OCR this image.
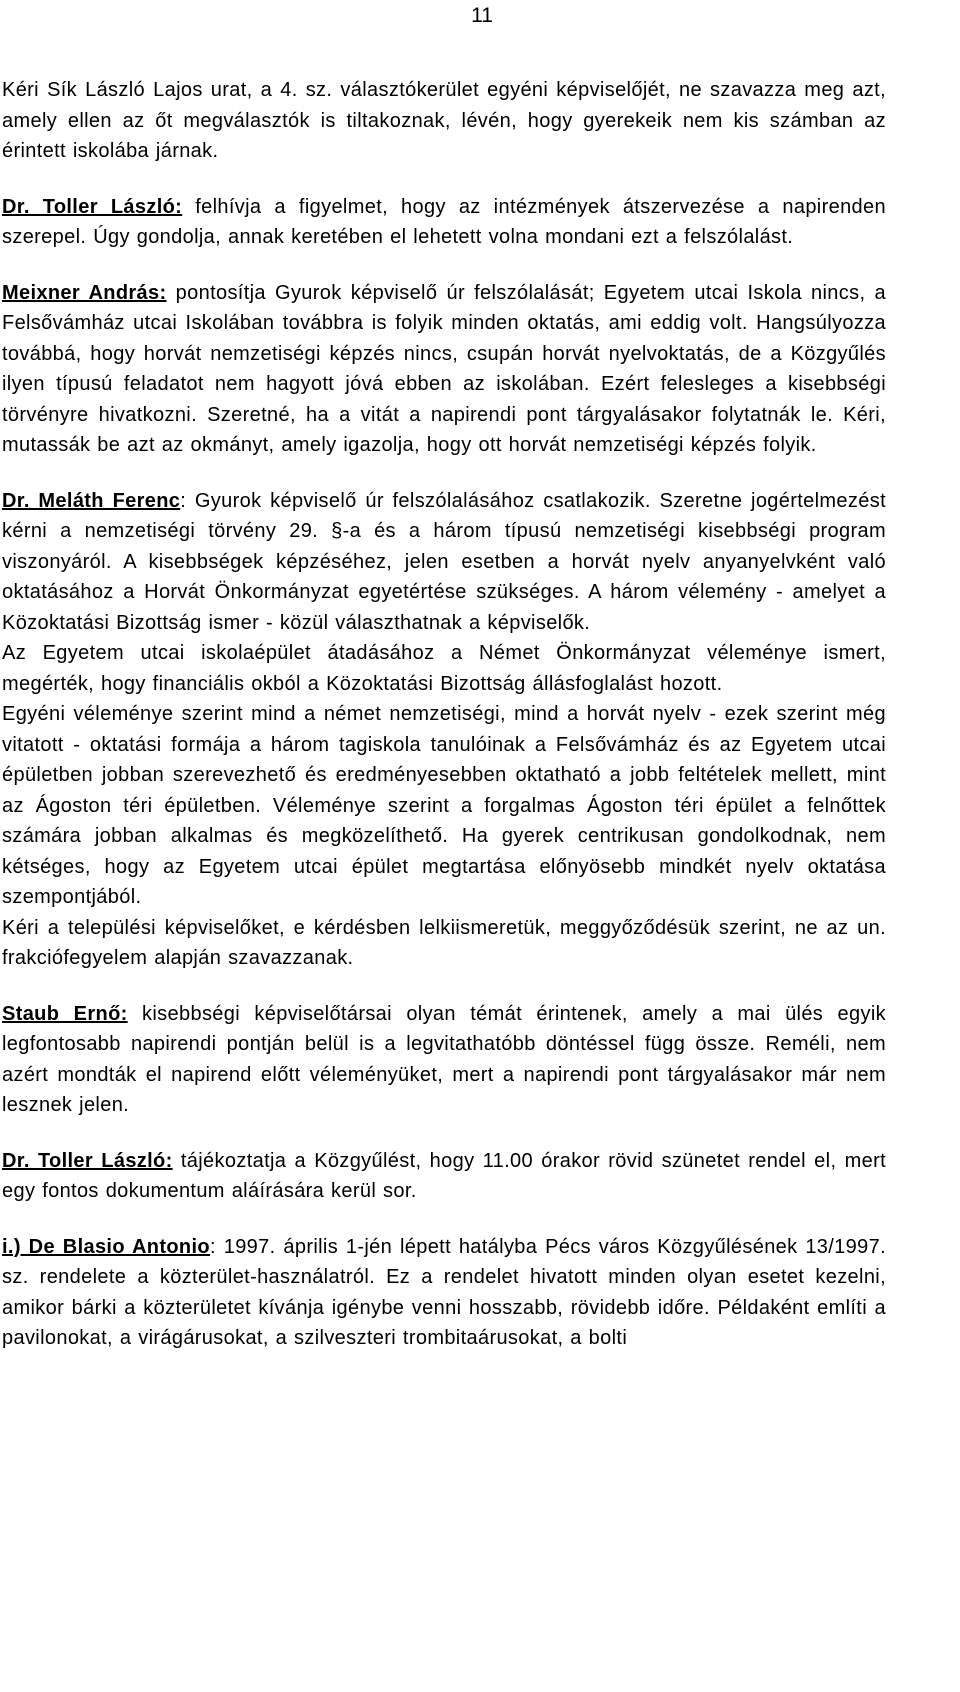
11

Kéri Sík László Lajos urat, a 4. sz. választókerület egyéni képviselőjét, ne szavazza meg azt, amely ellen az őt megválasztók is tiltakoznak, lévén, hogy gyerekeik nem kis számban az érintett iskolába járnak.

Dr. Toller László: felhívja a figyelmet, hogy az intézmények átszervezése a napirenden szerepel. Úgy gondolja, annak keretében el lehetett volna mondani ezt a felszólalást.

Meixner András: pontosítja Gyurok képviselő úr felszólalását; Egyetem utcai Iskola nincs, a Felsővámház utcai Iskolában továbbra is folyik minden oktatás, ami eddig volt. Hangsúlyozza továbbá, hogy horvát nemzetiségi képzés nincs, csupán horvát nyelvoktatás, de a Közgyűlés ilyen típusú feladatot nem hagyott jóvá ebben az iskolában. Ezért felesleges a kisebbségi törvényre hivatkozni. Szeretné, ha a vitát a napirendi pont tárgyalásakor folytatnák le. Kéri, mutassák be azt az okmányt, amely igazolja, hogy ott horvát nemzetiségi képzés folyik.

Dr. Meláth Ferenc: Gyurok képviselő úr felszólalásához csatlakozik. Szeretne jogértelmezést kérni a nemzetiségi törvény 29. §-a és a három típusú nemzetiségi kisebbségi program viszonyáról. A kisebbségek képzéséhez, jelen esetben a horvát nyelv anyanyelvként való oktatásához a Horvát Önkormányzat egyetértése szükséges. A három vélemény - amelyet a Közoktatási Bizottság ismer - közül választhatnak a képviselők.

Az Egyetem utcai iskolaépület átadásához a Német Önkormányzat véleménye ismert, megérték, hogy financiális okból a Közoktatási Bizottság állásfoglalást hozott.

Egyéni véleménye szerint mind a német nemzetiségi, mind a horvát nyelv - ezek szerint még vitatott - oktatási formája a három tagiskola tanulóinak a Felsővámház és az Egyetem utcai épületben jobban szerevezhető és eredményesebben oktatható a jobb feltételek mellett, mint az Ágoston téri épületben. Véleménye szerint a forgalmas Ágoston téri épület a felnőttek számára jobban alkalmas és megközelíthető. Ha gyerek centrikusan gondolkodnak, nem kétséges, hogy az Egyetem utcai épület megtartása előnyösebb mindkét nyelv oktatása szempontjából.

Kéri a települési képviselőket, e kérdésben lelkiismeretük, meggyőződésük szerint, ne az un. frakciófegyelem alapján szavazzanak.

Staub Ernő: kisebbségi képviselőtársai olyan témát érintenek, amely a mai ülés egyik legfontosabb napirendi pontján belül is a legvitathatóbb döntéssel függ össze. Reméli, nem azért mondták el napirend előtt véleményüket, mert a napirendi pont tárgyalásakor már nem lesznek jelen.

Dr. Toller László: tájékoztatja a Közgyűlést, hogy 11.00 órakor rövid szünetet rendel el, mert egy fontos dokumentum aláírására kerül sor.

i.) De Blasio Antonio: 1997. április 1-jén lépett hatályba Pécs város Közgyűlésének 13/1997. sz. rendelete a közterület-használatról. Ez a rendelet hivatott minden olyan esetet kezelni, amikor bárki a közterületet kívánja igénybe venni hosszabb, rövidebb időre. Példaként említi a pavilonokat, a virágárusokat, a szilveszteri trombitaárusokat, a bolti
